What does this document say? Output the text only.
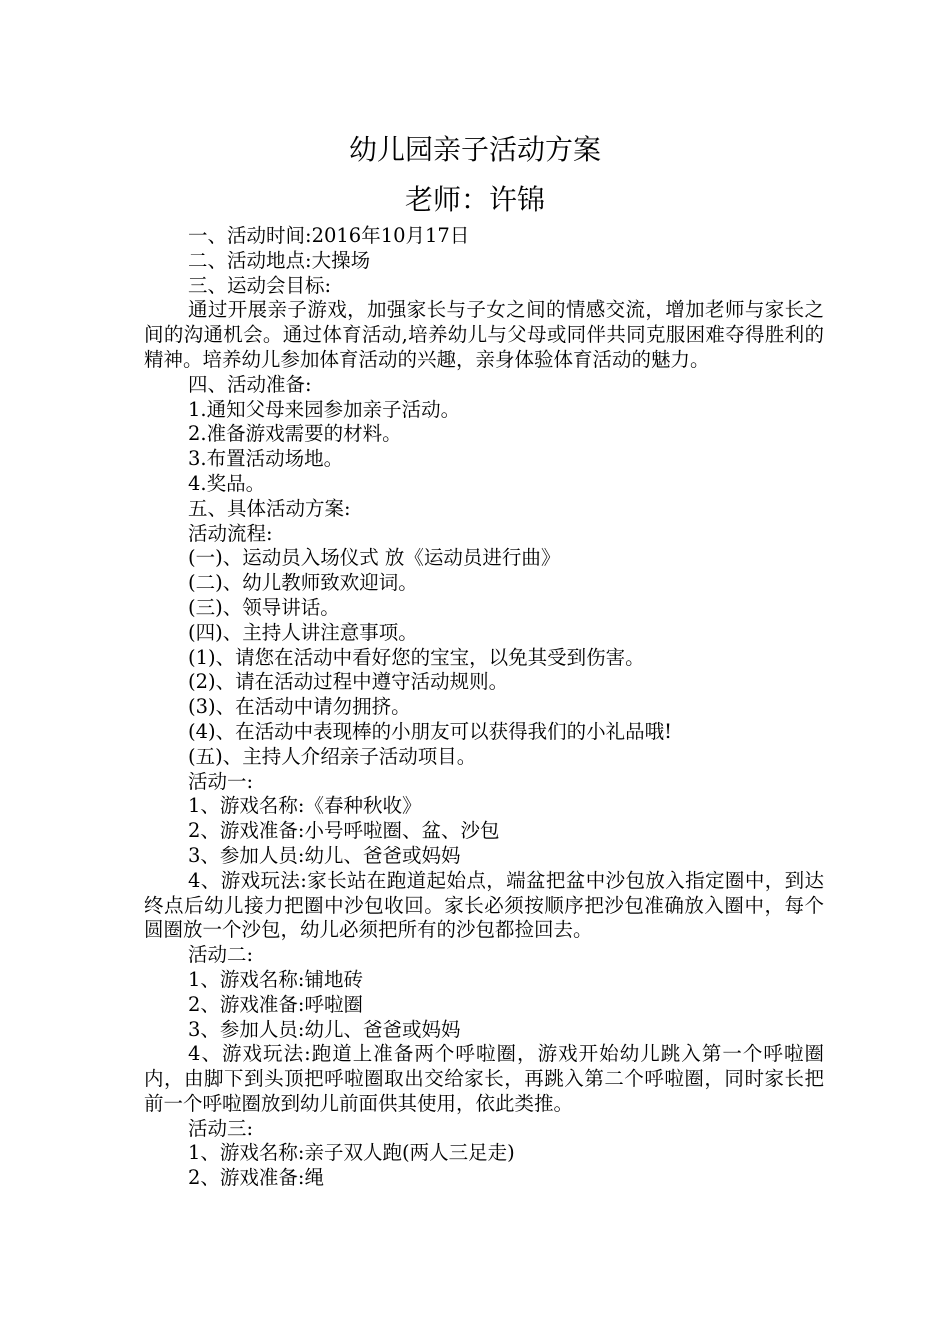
幼儿园亲子活动方案
老师：许锦

一、活动时间:2016年10月17日

二、活动地点:大操场

三、运动会目标:

通过开展亲子游戏，加强家长与子女之间的情感交流，增加老师与家长之间的沟通机会。通过体育活动,培养幼儿与父母或同伴共同克服困难夺得胜利的精神。培养幼儿参加体育活动的兴趣，亲身体验体育活动的魅力。

四、活动准备:

1.通知父母来园参加亲子活动。

2.准备游戏需要的材料。

3.布置活动场地。

4.奖品。

五、具体活动方案:

活动流程:

(一)、运动员入场仪式 放《运动员进行曲》

(二)、幼儿教师致欢迎词。

(三)、领导讲话。

(四)、主持人讲注意事项。

(1)、请您在活动中看好您的宝宝，以免其受到伤害。

(2)、请在活动过程中遵守活动规则。

(3)、在活动中请勿拥挤。

(4)、在活动中表现棒的小朋友可以获得我们的小礼品哦!

(五)、主持人介绍亲子活动项目。

活动一:

1、游戏名称:《春种秋收》

2、游戏准备:小号呼啦圈、盆、沙包

3、参加人员:幼儿、爸爸或妈妈

4、游戏玩法:家长站在跑道起始点，端盆把盆中沙包放入指定圈中，到达终点后幼儿接力把圈中沙包收回。家长必须按顺序把沙包准确放入圈中，每个圆圈放一个沙包，幼儿必须把所有的沙包都捡回去。

活动二:

1、游戏名称:铺地砖

2、游戏准备:呼啦圈

3、参加人员:幼儿、爸爸或妈妈

4、游戏玩法:跑道上准备两个呼啦圈，游戏开始幼儿跳入第一个呼啦圈内，由脚下到头顶把呼啦圈取出交给家长，再跳入第二个呼啦圈，同时家长把前一个呼啦圈放到幼儿前面供其使用，依此类推。

活动三:

1、游戏名称:亲子双人跑(两人三足走)

2、游戏准备:绳
